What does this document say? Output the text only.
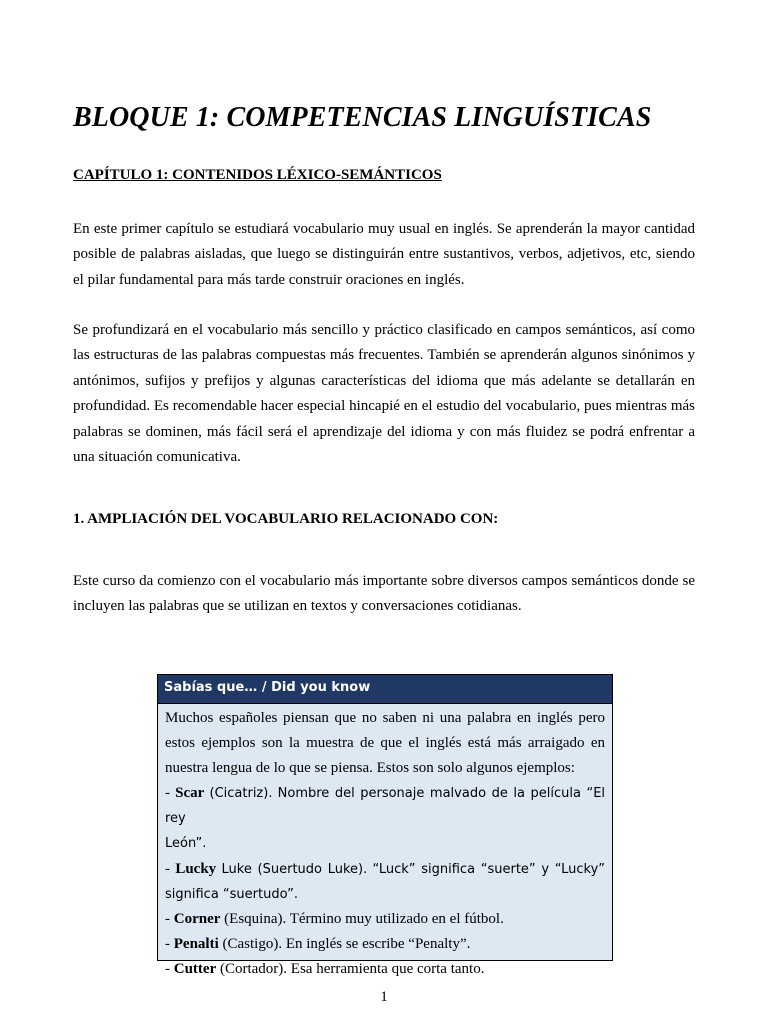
BLOQUE 1: COMPETENCIAS LINGUÍSTICAS
CAPÍTULO 1: CONTENIDOS LÉXICO-SEMÁNTICOS

En este primer capítulo se estudiará vocabulario muy usual en inglés. Se aprenderán la mayor cantidad posible de palabras aisladas, que luego se distinguirán entre sustantivos, verbos, adjetivos, etc, siendo el pilar fundamental para más tarde construir oraciones en inglés.

Se profundizará en el vocabulario más sencillo y práctico clasificado en campos semánticos, así como las estructuras de las palabras compuestas más frecuentes. También se aprenderán algunos sinónimos y antónimos, sufijos y prefijos y algunas características del idioma que más adelante se detallarán en profundidad. Es recomendable hacer especial hincapié en el estudio del vocabulario, pues mientras más palabras se dominen, más fácil será el aprendizaje del idioma y con más fluidez se podrá enfrentar a una situación comunicativa.

1. AMPLIACIÓN DEL VOCABULARIO RELACIONADO CON:

Este curso da comienzo con el vocabulario más importante sobre diversos campos semánticos donde se incluyen las palabras que se utilizan en textos y conversaciones cotidianas.

Sabías que… / Did you know
Muchos españoles piensan que no saben ni una palabra en inglés pero
estos ejemplos son la muestra de que el inglés está más arraigado en
nuestra lengua de lo que se piensa. Estos son solo algunos ejemplos:
- Scar (Cicatriz). Nombre del personaje malvado de la película “El rey
León”.
- Lucky Luke (Suertudo Luke). “Luck” significa “suerte” y “Lucky”
significa “suertudo”.
- Corner (Esquina). Término muy utilizado en el fútbol.
- Penalti (Castigo). En inglés se escribe “Penalty”.
- Cutter (Cortador). Esa herramienta que corta tanto.

1
